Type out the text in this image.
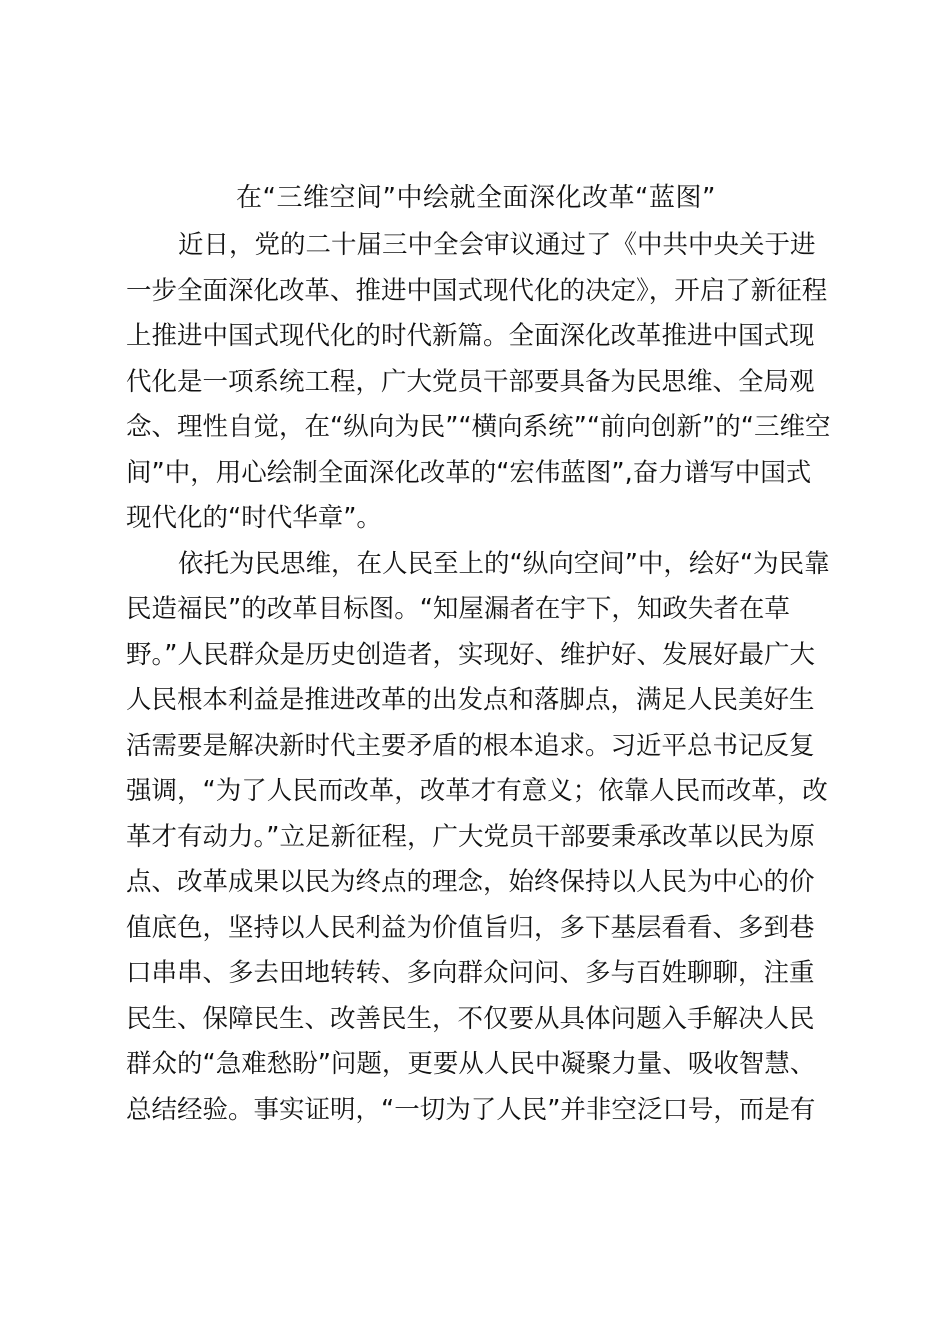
在“三维空间”中绘就全面深化改革“蓝图”

近日，党的二十届三中全会审议通过了《中共中央关于进
一步全面深化改革、推进中国式现代化的决定》，开启了新征程
上推进中国式现代化的时代新篇。全面深化改革推进中国式现
代化是一项系统工程，广大党员干部要具备为民思维、全局观
念、理性自觉，在“纵向为民”“横向系统”“前向创新”的“三维空
间”中，用心绘制全面深化改革的“宏伟蓝图”,奋力谱写中国式
现代化的“时代华章”。

依托为民思维，在人民至上的“纵向空间”中，绘好“为民靠
民造福民”的改革目标图。“知屋漏者在宇下，知政失者在草
野。”人民群众是历史创造者，实现好、维护好、发展好最广大
人民根本利益是推进改革的出发点和落脚点，满足人民美好生
活需要是解决新时代主要矛盾的根本追求。习近平总书记反复
强调，“为了人民而改革，改革才有意义；依靠人民而改革，改
革才有动力。”立足新征程，广大党员干部要秉承改革以民为原
点、改革成果以民为终点的理念，始终保持以人民为中心的价
值底色，坚持以人民利益为价值旨归，多下基层看看、多到巷
口串串、多去田地转转、多向群众问问、多与百姓聊聊，注重
民生、保障民生、改善民生，不仅要从具体问题入手解决人民
群众的“急难愁盼”问题，更要从人民中凝聚力量、吸收智慧、
总结经验。事实证明，“一切为了人民”并非空泛口号，而是有
